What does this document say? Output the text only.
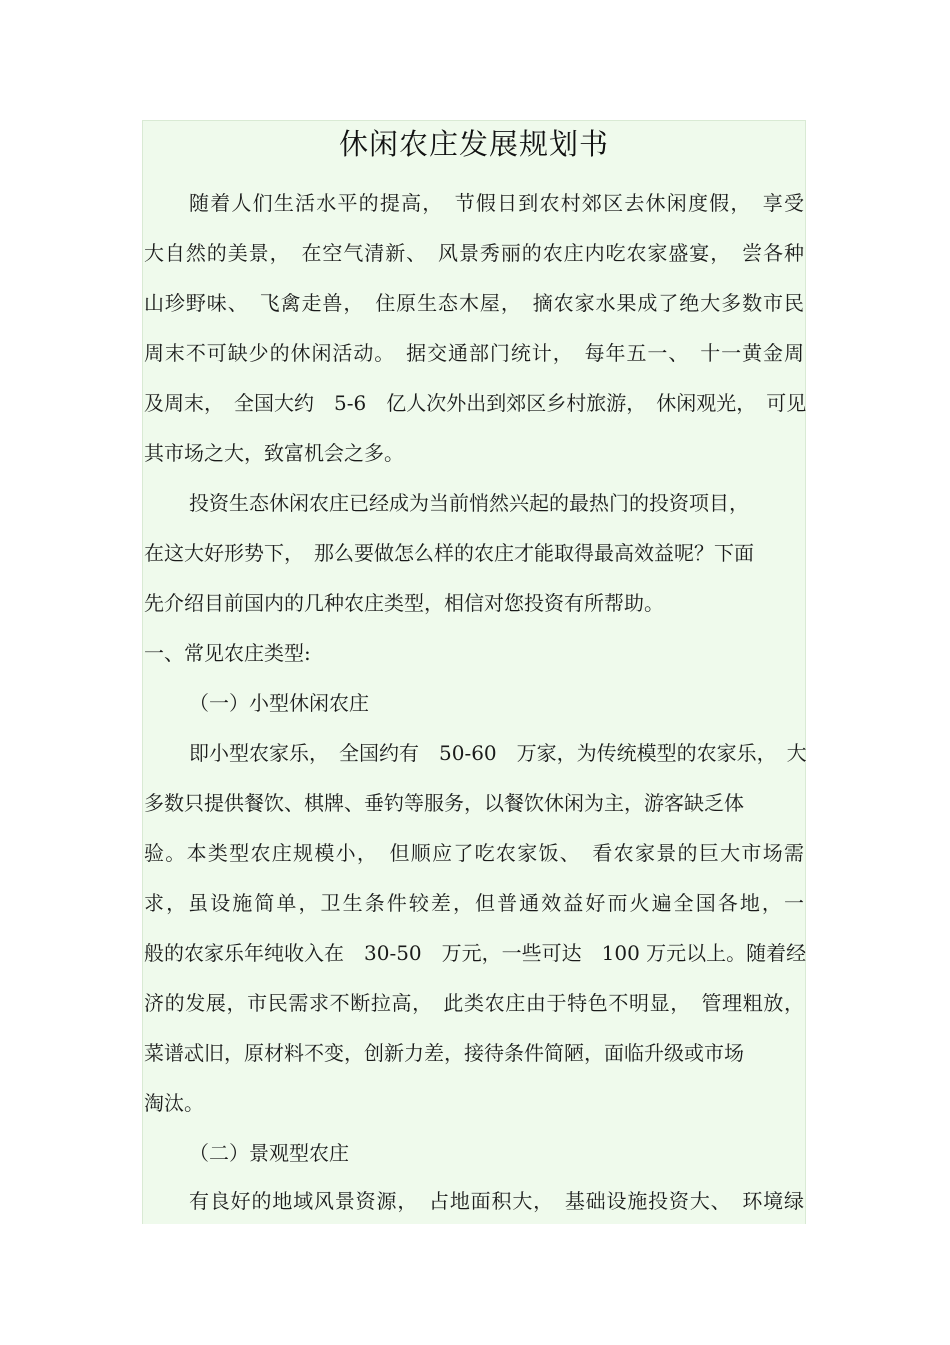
休闲农庄发展规划书
随着人们生活水平的提高，　节假日到农村郊区去休闲度假，　享受
大自然的美景，　在空气清新、　风景秀丽的农庄内吃农家盛宴，　尝各种
山珍野味、　飞禽走兽，　住原生态木屋，　摘农家水果成了绝大多数市民
周末不可缺少的休闲活动。　据交通部门统计，　每年五一、　十一黄金周
及周末，　全国大约　5-6　亿人次外出到郊区乡村旅游，　休闲观光，　可见
其市场之大，致富机会之多。
投资生态休闲农庄已经成为当前悄然兴起的最热门的投资项目，
在这大好形势下，　那么要做怎么样的农庄才能取得最高效益呢？下面
先介绍目前国内的几种农庄类型，相信对您投资有所帮助。
一、常见农庄类型:
（一）小型休闲农庄
即小型农家乐，　全国约有　50-60　万家，为传统模型的农家乐，　大
多数只提供餐饮、棋牌、垂钓等服务，以餐饮休闲为主，游客缺乏体
验。本类型农庄规模小，　但顺应了吃农家饭、　看农家景的巨大市场需
求，虽设施简单，卫生条件较差，但普通效益好而火遍全国各地，一
般的农家乐年纯收入在　30-50　万元，一些可达　100 万元以上。随着经
济的发展，市民需求不断拉高，　此类农庄由于特色不明显，　管理粗放，
菜谱忒旧，原材料不变，创新力差，接待条件简陋，面临升级或市场
淘汰。
（二）景观型农庄
有良好的地域风景资源，　占地面积大，　基础设施投资大、　环境绿
